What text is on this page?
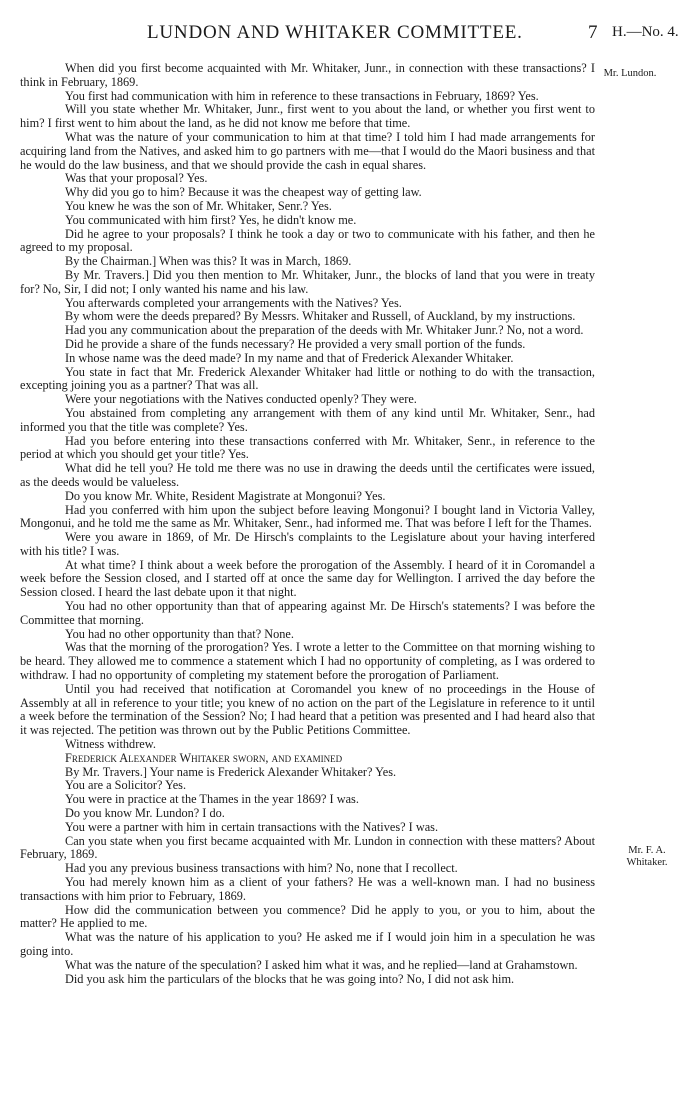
LUNDON AND WHITAKER COMMITTEE.	7 H.—No. 4.
Mr. Lundon.
Mr. F. A. Whitaker.

When did you first become acquainted with Mr. Whitaker, Junr., in connection with these transactions? I think in February, 1869.

You first had communication with him in reference to these transactions in February, 1869? Yes.

Will you state whether Mr. Whitaker, Junr., first went to you about the land, or whether you first went to him? I first went to him about the land, as he did not know me before that time.

What was the nature of your communication to him at that time? I told him I had made arrangements for acquiring land from the Natives, and asked him to go partners with me—that I would do the Maori business and that he would do the law business, and that we should provide the cash in equal shares.

Was that your proposal? Yes.

Why did you go to him? Because it was the cheapest way of getting law.

You knew he was the son of Mr. Whitaker, Senr.? Yes.

You communicated with him first? Yes, he didn't know me.

Did he agree to your proposals? I think he took a day or two to communicate with his father, and then he agreed to my proposal.

By the Chairman.] When was this? It was in March, 1869.

By Mr. Travers.] Did you then mention to Mr. Whitaker, Junr., the blocks of land that you were in treaty for? No, Sir, I did not; I only wanted his name and his law.

You afterwards completed your arrangements with the Natives? Yes.

By whom were the deeds prepared? By Messrs. Whitaker and Russell, of Auckland, by my instructions.

Had you any communication about the preparation of the deeds with Mr. Whitaker Junr.? No, not a word.

Did he provide a share of the funds necessary? He provided a very small portion of the funds.

In whose name was the deed made? In my name and that of Frederick Alexander Whitaker.

You state in fact that Mr. Frederick Alexander Whitaker had little or nothing to do with the transaction, excepting joining you as a partner? That was all.

Were your negotiations with the Natives conducted openly? They were.

You abstained from completing any arrangement with them of any kind until Mr. Whitaker, Senr., had informed you that the title was complete? Yes.

Had you before entering into these transactions conferred with Mr. Whitaker, Senr., in reference to the period at which you should get your title? Yes.

What did he tell you? He told me there was no use in drawing the deeds until the certificates were issued, as the deeds would be valueless.

Do you know Mr. White, Resident Magistrate at Mongonui? Yes.

Had you conferred with him upon the subject before leaving Mongonui? I bought land in Victoria Valley, Mongonui, and he told me the same as Mr. Whitaker, Senr., had informed me. That was before I left for the Thames.

Were you aware in 1869, of Mr. De Hirsch's complaints to the Legislature about your having interfered with his title? I was.

At what time? I think about a week before the prorogation of the Assembly. I heard of it in Coromandel a week before the Session closed, and I started off at once the same day for Wellington. I arrived the day before the Session closed. I heard the last debate upon it that night.

You had no other opportunity than that of appearing against Mr. De Hirsch's statements? I was before the Committee that morning.

You had no other opportunity than that? None.

Was that the morning of the prorogation? Yes. I wrote a letter to the Committee on that morning wishing to be heard. They allowed me to commence a statement which I had no opportunity of completing, as I was ordered to withdraw. I had no opportunity of completing my statement before the prorogation of Parliament.

Until you had received that notification at Coromandel you knew of no proceedings in the House of Assembly at all in reference to your title; you knew of no action on the part of the Legislature in reference to it until a week before the termination of the Session? No; I had heard that a petition was presented and I had heard also that it was rejected. The petition was thrown out by the Public Petitions Committee.

Witness withdrew.

Frederick Alexander Whitaker sworn, and examined

By Mr. Travers.] Your name is Frederick Alexander Whitaker? Yes.

You are a Solicitor? Yes.

You were in practice at the Thames in the year 1869? I was.

Do you know Mr. Lundon? I do.

You were a partner with him in certain transactions with the Natives? I was.

Can you state when you first became acquainted with Mr. Lundon in connection with these matters? About February, 1869.

Had you any previous business transactions with him? No, none that I recollect.

You had merely known him as a client of your fathers? He was a well-known man. I had no business transactions with him prior to February, 1869.

How did the communication between you commence? Did he apply to you, or you to him, about the matter? He applied to me.

What was the nature of his application to you? He asked me if I would join him in a speculation he was going into.

What was the nature of the speculation? I asked him what it was, and he replied—land at Grahamstown.

Did you ask him the particulars of the blocks that he was going into? No, I did not ask him.
